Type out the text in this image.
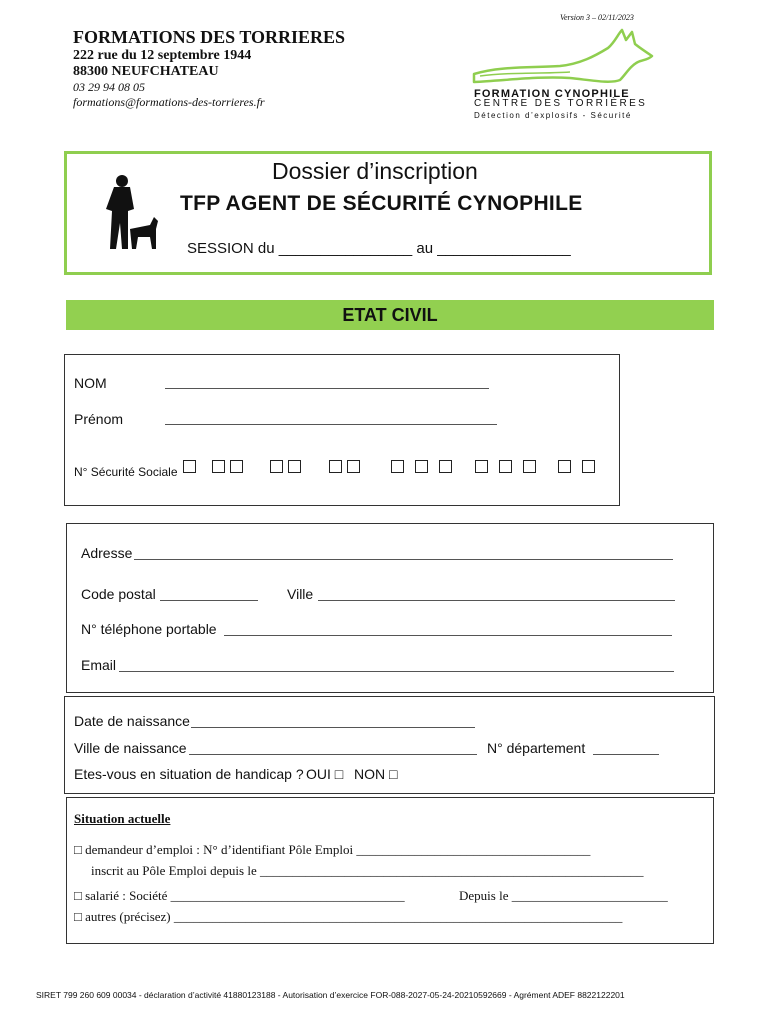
Version 3 – 02/11/2023
FORMATIONS DES TORRIERES
222 rue du 12 septembre 1944
88300 NEUFCHATEAU
03 29 94 08 05
formations@formations-des-torrieres.fr
FORMATION CYNOPHILE
CENTRE DES TORRIÈRES
Détection d’explosifs - Sécurité
Dossier d’inscription
TFP AGENT DE SÉCURITÉ CYNOPHILE
SESSION du ________________ au ________________
ETAT CIVIL
NOM
Prénom
N° Sécurité Sociale
Adresse
Code postal	Ville
N° téléphone portable
Email
Date de naissance
Ville de naissance	N° département
Etes-vous en situation de handicap ? OUI □ NON □
Situation actuelle
□ demandeur d’emploi : N° d’identifiant Pôle Emploi ____________________________________
inscrit au Pôle Emploi depuis le ___________________________________________________________
□ salarié : Société ____________________________________	Depuis le ________________________
□ autres (précisez) _____________________________________________________________________
SIRET 799 260 609 00034 - déclaration d’activité 41880123188 - Autorisation d’exercice FOR-088-2027-05-24-20210592669 - Agrément ADEF 8822122201
